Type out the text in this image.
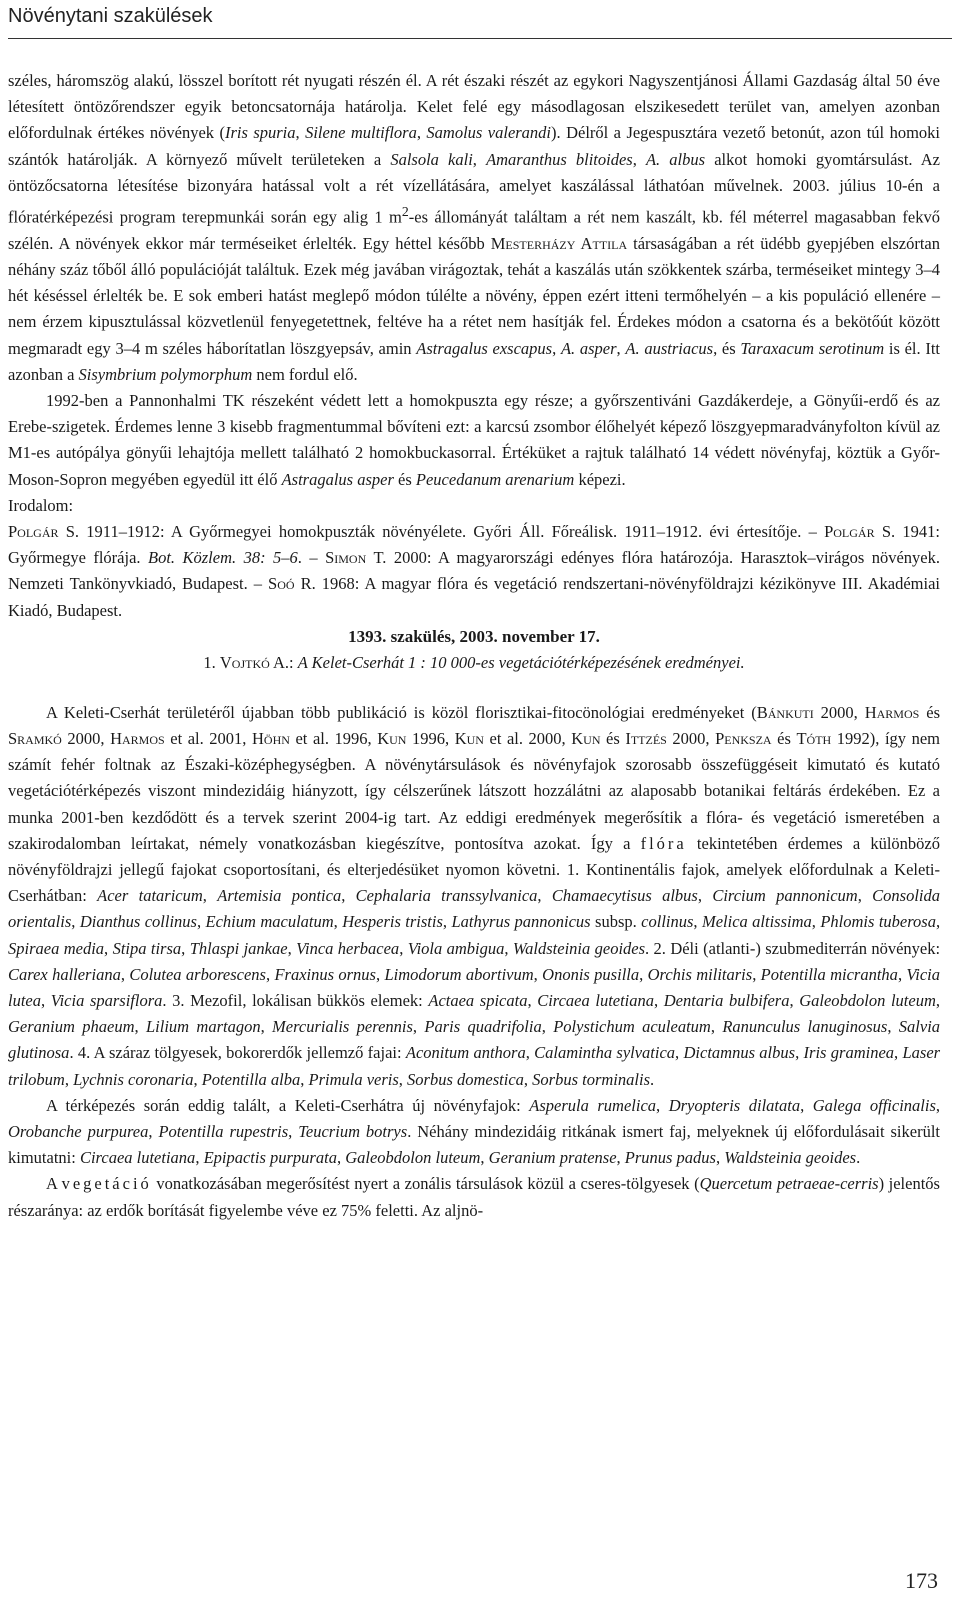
Növénytani szakülések

széles, háromszög alakú, lösszel borított rét nyugati részén él. A rét északi részét az egykori Nagyszentjánosi Állami Gazdaság által 50 éve létesített öntözőrendszer egyik betoncsatornája határolja. Kelet felé egy másodlagosan elszikesedett terület van, amelyen azonban előfordulnak értékes növények (Iris spuria, Silene multiflora, Samolus valerandi). Délről a Jegespusztára vezető betonút, azon túl homoki szántók határolják. A környező művelt területeken a Salsola kali, Amaranthus blitoides, A. albus alkot homoki gyomtársulást. Az öntözőcsatorna létesítése bizonyára hatással volt a rét vízellátására, amelyet kaszálással láthatóan művelnek. 2003. július 10-én a flóratérképezési program terepmunkái során egy alig 1 $m^2-es$ állományát találtam a rét nem kaszált, kb. fél méterrel magasabban fekvő szélén. A növények ekkor már terméseiket érlelték. Egy héttel később Mesterházy Attila társaságában a rét üdébb gyepjében elszórtan néhány száz tőből álló populációját találtuk. Ezek még javában virágoztak, tehát a kaszálás után szökkentek szárba, terméseiket mintegy 3–4 hét késéssel érlelték be. E sok emberi hatást meglepő módon túlélte a növény, éppen ezért itteni termőhelyén – a kis populáció ellenére – nem érzem kipusztulással közvetlenül fenyegetettnek, feltéve ha a rétet nem hasítják fel. Érdekes módon a csatorna és a bekötőút között megmaradt egy 3–4 m széles háborítatlan löszgyepsáv, amin Astragalus exscapus, A. asper, A. austriacus, és Taraxacum serotinum is él. Itt azonban a Sisymbrium polymorphum nem fordul elő.

1992-ben a Pannonhalmi TK részeként védett lett a homokpuszta egy része; a győrszentiváni Gazdákerdeje, a Gönyűi-erdő és az Erebe-szigetek. Érdemes lenne 3 kisebb fragmentummal bővíteni ezt: a karcsú zsombor élőhelyét képező löszgyepmaradványfolton kívül az M1-es autópálya gönyűi lehajtója mellett található 2 homokbuckasorral. Értéküket a rajtuk található 14 védett növényfaj, köztük a Győr-Moson-Sopron megyében egyedül itt élő Astragalus asper és Peucedanum arenarium képezi.

Irodalom:

Polgár S. 1911–1912: A Győrmegyei homokpuszták növényélete. Győri Áll. Főreálisk. 1911–1912. évi értesítője. – Polgár S. 1941: Győrmegye flórája. Bot. Közlem. 38: 5–6. – Simon T. 2000: A magyarországi edényes flóra határozója. Harasztok–virágos növények. Nemzeti Tankönyvkiadó, Budapest. – Soó R. 1968: A magyar flóra és vegetáció rendszertani-növényföldrajzi kézikönyve III. Akadémiai Kiadó, Budapest.

1393. szakülés, 2003. november 17.

1. Vojtkó A.: A Kelet-Cserhát 1 : 10 000-es vegetációtérképezésének eredményei.

A Keleti-Cserhát területéről újabban több publikáció is közöl florisztikai-fitocönológiai eredményeket (Bánkuti 2000, Harmos és Sramkó 2000, Harmos et al. 2001, Höhn et al. 1996, Kun 1996, Kun et al. 2000, Kun és Ittzés 2000, Penksza és Tóth 1992), így nem számít fehér foltnak az Északi-középhegységben. A növénytársulások és növényfajok szorosabb összefüggéseit kimutató és kutató vegetációtérképezés viszont mindezidáig hiányzott, így célszerűnek látszott hozzálátni az alaposabb botanikai feltárás érdekében. Ez a munka 2001-ben kezdődött és a tervek szerint 2004-ig tart. Az eddigi eredmények megerősítik a flóra- és vegetáció ismeretében a szakirodalomban leírtakat, némely vonatkozásban kiegészítve, pontosítva azokat. Így a flóra tekintetében érdemes a különböző növényföldrajzi jellegű fajokat csoportosítani, és elterjedésüket nyomon követni. 1. Kontinentális fajok, amelyek előfordulnak a Keleti-Cserhátban: Acer tataricum, Artemisia pontica, Cephalaria transsylvanica, Chamaecytisus albus, Circium pannonicum, Consolida orientalis, Dianthus collinus, Echium maculatum, Hesperis tristis, Lathyrus pannonicus subsp. collinus, Melica altissima, Phlomis tuberosa, Spiraea media, Stipa tirsa, Thlaspi jankae, Vinca herbacea, Viola ambigua, Waldsteinia geoides. 2. Déli (atlanti-) szubmediterrán növények: Carex halleriana, Colutea arborescens, Fraxinus ornus, Limodorum abortivum, Ononis pusilla, Orchis militaris, Potentilla micrantha, Vicia lutea, Vicia sparsiflora. 3. Mezofil, lokálisan bükkös elemek: Actaea spicata, Circaea lutetiana, Dentaria bulbifera, Galeobdolon luteum, Geranium phaeum, Lilium martagon, Mercurialis perennis, Paris quadrifolia, Polystichum aculeatum, Ranunculus lanuginosus, Salvia glutinosa. 4. A száraz tölgyesek, bokorerdők jellemző fajai: Aconitum anthora, Calamintha sylvatica, Dictamnus albus, Iris graminea, Laser trilobum, Lychnis coronaria, Potentilla alba, Primula veris, Sorbus domestica, Sorbus torminalis.

A térképezés során eddig talált, a Keleti-Cserhátra új növényfajok: Asperula rumelica, Dryopteris dilatata, Galega officinalis, Orobanche purpurea, Potentilla rupestris, Teucrium botrys. Néhány mindezidáig ritkának ismert faj, melyeknek új előfordulásait sikerült kimutatni: Circaea lutetiana, Epipactis purpurata, Galeobdolon luteum, Geranium pratense, Prunus padus, Waldsteinia geoides.

A vegetáció vonatkozásában megerősítést nyert a zonális társulások közül a cseres-tölgyesek (Quercetum petraeae-cerris) jelentős részaránya: az erdők borítását figyelembe véve ez 75% feletti. Az aljnö-

173
